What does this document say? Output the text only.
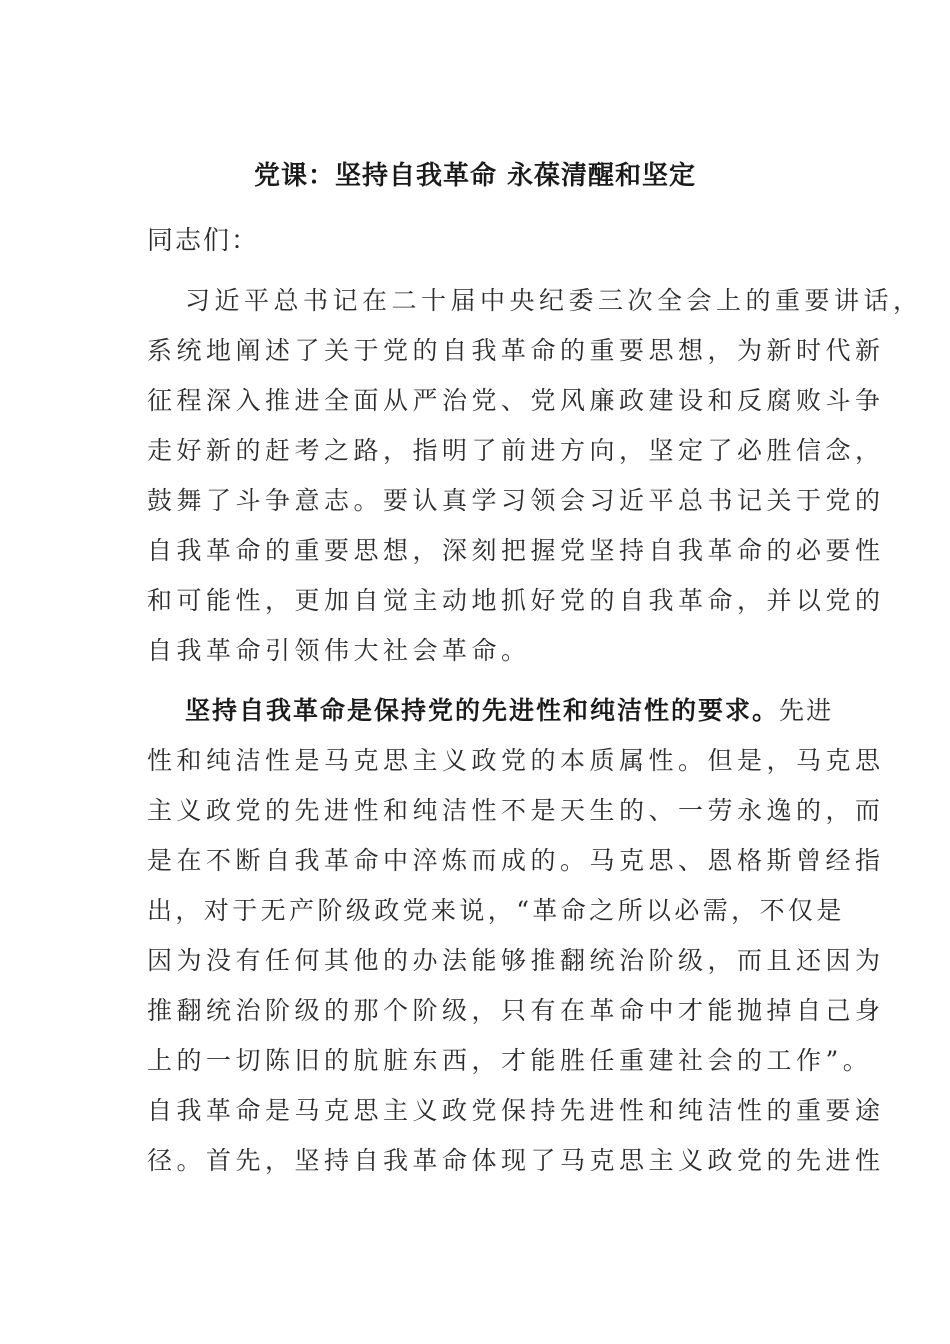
党课：坚持自我革命 永葆清醒和坚定
同志们：
习近平总书记在二十届中央纪委三次全会上的重要讲话，
系统地阐述了关于党的自我革命的重要思想，为新时代新
征程深入推进全面从严治党、党风廉政建设和反腐败斗争
走好新的赶考之路，指明了前进方向，坚定了必胜信念，
鼓舞了斗争意志。要认真学习领会习近平总书记关于党的
自我革命的重要思想，深刻把握党坚持自我革命的必要性
和可能性，更加自觉主动地抓好党的自我革命，并以党的
自我革命引领伟大社会革命。
坚持自我革命是保持党的先进性和纯洁性的要求。先进
性和纯洁性是马克思主义政党的本质属性。但是，马克思
主义政党的先进性和纯洁性不是天生的、一劳永逸的，而
是在不断自我革命中淬炼而成的。马克思、恩格斯曾经指
出，对于无产阶级政党来说，“革命之所以必需，不仅是
因为没有任何其他的办法能够推翻统治阶级，而且还因为
推翻统治阶级的那个阶级，只有在革命中才能抛掉自己身
上的一切陈旧的肮脏东西，才能胜任重建社会的工作”。
自我革命是马克思主义政党保持先进性和纯洁性的重要途
径。首先，坚持自我革命体现了马克思主义政党的先进性
